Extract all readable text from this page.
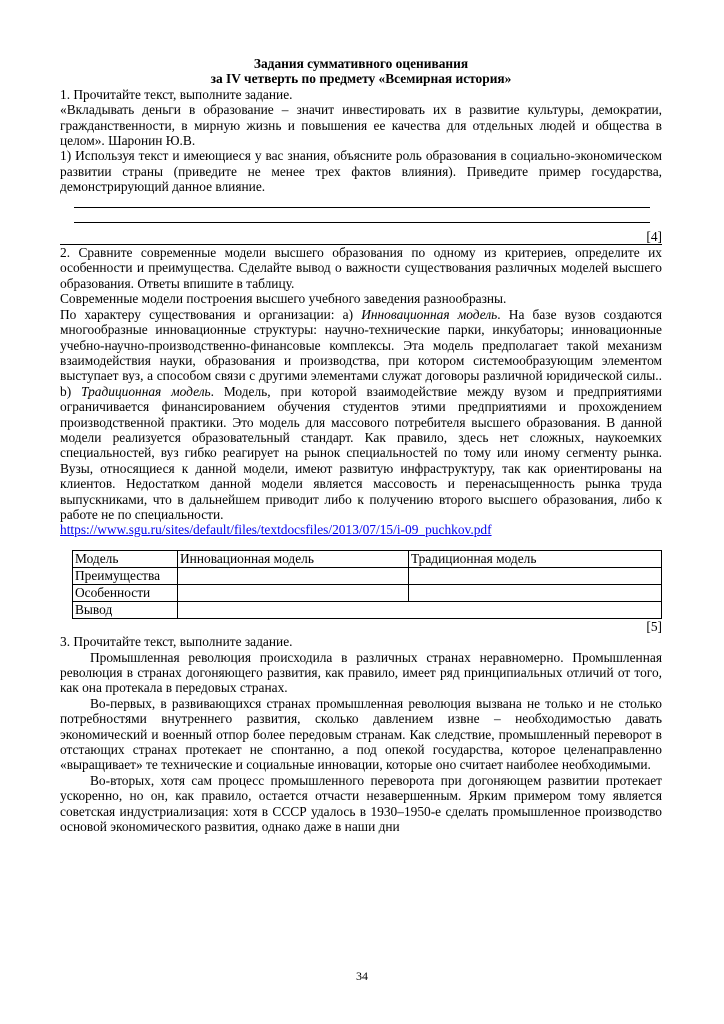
Задания суммативного оценивания
за IV четверть по предмету «Всемирная история»

1. Прочитайте текст, выполните задание.

«Вкладывать деньги в образование – значит инвестировать их в развитие культуры, демократии, гражданственности, в мирную жизнь и повышения ее качества для отдельных людей и общества в целом». Шаронин Ю.В.

1) Используя текст и имеющиеся у вас знания, объясните роль образования в социально-экономическом развитии страны (приведите не менее трех фактов влияния). Приведите пример государства, демонстрирующий данное влияние.

[4]

2. Сравните современные модели высшего образования по одному из критериев, определите их особенности и преимущества. Сделайте вывод о важности существования различных моделей высшего образования. Ответы впишите в таблицу.

Современные модели построения высшего учебного заведения разнообразны.

По характеру существования и организации: а) Инновационная модель. На базе вузов создаются многообразные инновационные структуры: научно-технические парки, инкубаторы; инновационные учебно-научно-производственно-финансовые комплексы. Эта модель предполагает такой механизм взаимодействия науки, образования и производства, при котором системообразующим элементом выступает вуз, а способом связи с другими элементами служат договоры различной юридической силы.. b) Традиционная модель. Модель, при которой взаимодействие между вузом и предприятиями ограничивается финансированием обучения студентов этими предприятиями и прохождением производственной практики. Это модель для массового потребителя высшего образования. В данной модели реализуется образовательный стандарт. Как правило, здесь нет сложных, наукоемких специальностей, вуз гибко реагирует на рынок специальностей по тому или иному сегменту рынка. Вузы, относящиеся к данной модели, имеют развитую инфраструктуру, так как ориентированы на клиентов. Недостатком данной модели является массовость и перенасыщенность рынка труда выпускниками, что в дальнейшем приводит либо к получению второго высшего образования, либо к работе не по специальности.

https://www.sgu.ru/sites/default/files/textdocsfiles/2013/07/15/i-09_puchkov.pdf
Модель	Инновационная модель	Традиционная модель
Преимущества		
Особенности		
Вывод		
[5]

3. Прочитайте текст, выполните задание.

Промышленная революция происходила в различных странах неравномерно. Промышленная революция в странах догоняющего развития, как правило, имеет ряд принципиальных отличий от того, как она протекала в передовых странах.

Во-первых, в развивающихся странах промышленная революция вызвана не только и не столько потребностями внутреннего развития, сколько давлением извне – необходимостью давать экономический и военный отпор более передовым странам. Как следствие, промышленный переворот в отстающих странах протекает не спонтанно, а под опекой государства, которое целенаправленно «выращивает» те технические и социальные инновации, которые оно считает наиболее необходимыми.

Во-вторых, хотя сам процесс промышленного переворота при догоняющем развитии протекает ускоренно, но он, как правило, остается отчасти незавершенным. Ярким примером тому является советская индустриализация: хотя в СССР удалось в 1930–1950-е сделать промышленное производство основой экономического развития, однако даже в наши дни

34
